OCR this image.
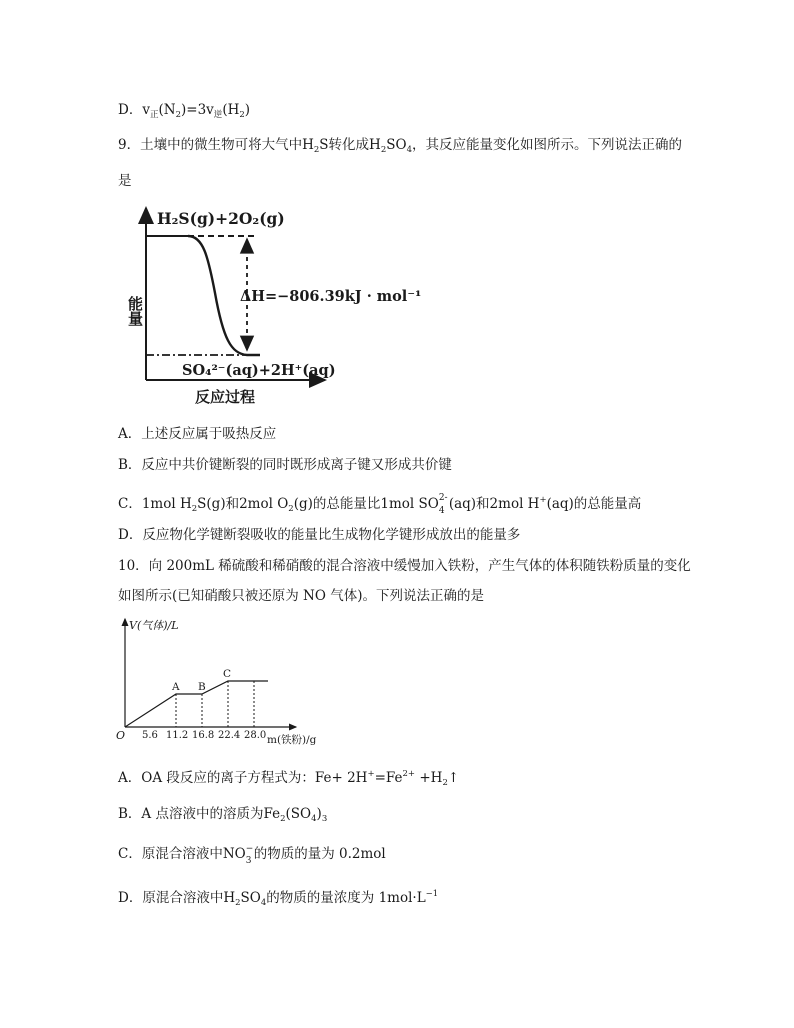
D．$v_正(N_2)=3v_逆(H_2)$
9．土壤中的微生物可将大气中$H_2S$转化成$H_2SO_4$，其反应能量变化如图所示。下列说法正确的
是
H₂S(g)+2O₂(g)
ΔH=−806.39kJ · mol⁻¹
SO₄²⁻(aq)+2H⁺(aq)
能量
反应过程
A．上述反应属于吸热反应
B．反应中共价键断裂的同时既形成离子键又形成共价键
C．1mol $H_2S(g)$和2mol $O_2(g)$的总能量比1mol SO 2-
4 (aq)和2mol H+(aq)的总能量高
D．反应物化学键断裂吸收的能量比生成物化学键形成放出的能量多
10．向 200mL 稀硫酸和稀硝酸的混合溶液中缓慢加入铁粉，产生气体的体积随铁粉质量的变化
如图所示(已知硝酸只被还原为 NO 气体)。下列说法正确的是
V(气体)/L
O
A B
C
5.6 11.2 16.8 22.4 28.0 m(铁粉)/g
A．OA 段反应的离子方程式为：$Fe+ 2H^+=Fe^{2+}$ $+H_2↑$
B．A 点溶液中的溶质为$Fe_2(SO_4)_3$
C．原混合溶液中NO −
3 的物质的量为 0.2mol
D．原混合溶液中$H_2SO_4$的物质的量浓度为 $1mol\cdot L^{-1}$
